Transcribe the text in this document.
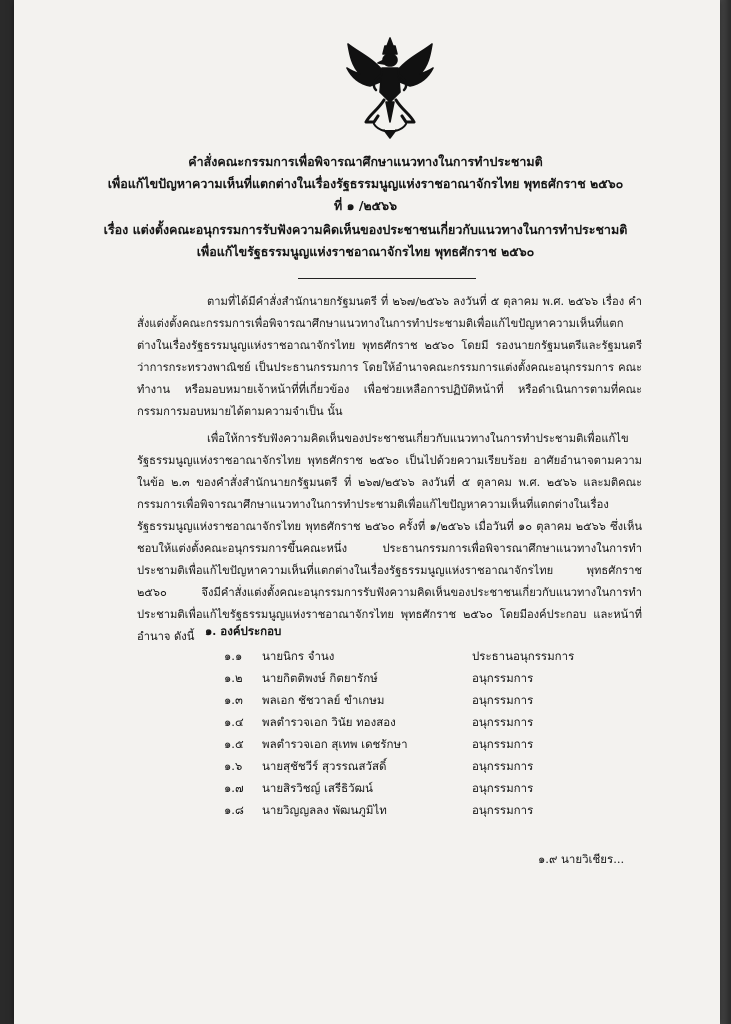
คำสั่งคณะกรรมการเพื่อพิจารณาศึกษาแนวทางในการทำประชามติ
เพื่อแก้ไขปัญหาความเห็นที่แตกต่างในเรื่องรัฐธรรมนูญแห่งราชอาณาจักรไทย พุทธศักราช ๒๕๖๐
ที่ ๑ /๒๕๖๖
เรื่อง แต่งตั้งคณะอนุกรรมการรับฟังความคิดเห็นของประชาชนเกี่ยวกับแนวทางในการทำประชามติ
เพื่อแก้ไขรัฐธรรมนูญแห่งราชอาณาจักรไทย พุทธศักราช ๒๕๖๐
ตามที่ได้มีคำสั่งสำนักนายกรัฐมนตรี ที่ ๒๖๗/๒๕๖๖ ลงวันที่ ๕ ตุลาคม พ.ศ. ๒๕๖๖ เรื่อง คำสั่งแต่งตั้งคณะกรรมการเพื่อพิจารณาศึกษาแนวทางในการทำประชามติเพื่อแก้ไขปัญหาความเห็นที่แตกต่างในเรื่องรัฐธรรมนูญแห่งราชอาณาจักรไทย พุทธศักราช ๒๕๖๐ โดยมี รองนายกรัฐมนตรีและรัฐมนตรีว่าการกระทรวงพาณิชย์ เป็นประธานกรรมการ โดยให้อำนาจคณะกรรมการแต่งตั้งคณะอนุกรรมการ คณะทำงาน หรือมอบหมายเจ้าหน้าที่ที่เกี่ยวข้อง เพื่อช่วยเหลือการปฏิบัติหน้าที่ หรือดำเนินการตามที่คณะกรรมการมอบหมายได้ตามความจำเป็น นั้น
เพื่อให้การรับฟังความคิดเห็นของประชาชนเกี่ยวกับแนวทางในการทำประชามติเพื่อแก้ไขรัฐธรรมนูญแห่งราชอาณาจักรไทย พุทธศักราช ๒๕๖๐ เป็นไปด้วยความเรียบร้อย อาศัยอำนาจตามความในข้อ ๒.๓ ของคำสั่งสำนักนายกรัฐมนตรี ที่ ๒๖๗/๒๕๖๖ ลงวันที่ ๕ ตุลาคม พ.ศ. ๒๕๖๖ และมติคณะกรรมการเพื่อพิจารณาศึกษาแนวทางในการทำประชามติเพื่อแก้ไขปัญหาความเห็นที่แตกต่างในเรื่องรัฐธรรมนูญแห่งราชอาณาจักรไทย พุทธศักราช ๒๕๖๐ ครั้งที่ ๑/๒๕๖๖ เมื่อวันที่ ๑๐ ตุลาคม ๒๕๖๖ ซึ่งเห็นชอบให้แต่งตั้งคณะอนุกรรมการขึ้นคณะหนึ่ง ประธานกรรมการเพื่อพิจารณาศึกษาแนวทางในการทำประชามติเพื่อแก้ไขปัญหาความเห็นที่แตกต่างในเรื่องรัฐธรรมนูญแห่งราชอาณาจักรไทย พุทธศักราช ๒๕๖๐ จึงมีคำสั่งแต่งตั้งคณะอนุกรรมการรับฟังความคิดเห็นของประชาชนเกี่ยวกับแนวทางในการทำประชามติเพื่อแก้ไขรัฐธรรมนูญแห่งราชอาณาจักรไทย พุทธศักราช ๒๕๖๐ โดยมีองค์ประกอบ และหน้าที่อำนาจ ดังนี้ ๑. องค์ประกอบ
๑.๑ นายนิกร จำนง	ประธานอนุกรรมการ
๑.๒ นายกิตติพงษ์ กิตยารักษ์	อนุกรรมการ
๑.๓ พลเอก ชัชวาลย์ ขำเกษม	อนุกรรมการ
๑.๔ พลตำรวจเอก วินัย ทองสอง	อนุกรรมการ
๑.๕ พลตำรวจเอก สุเทพ เดชรักษา	อนุกรรมการ
๑.๖ นายสุชัชวีร์ สุวรรณสวัสดิ์	อนุกรรมการ
๑.๗ นายสิรวิชญ์ เสรีธิวัฒน์	อนุกรรมการ
๑.๘ นายวิญญลลง พัฒนภูมิไท	อนุกรรมการ
๑.๙ นายวิเชียร...
